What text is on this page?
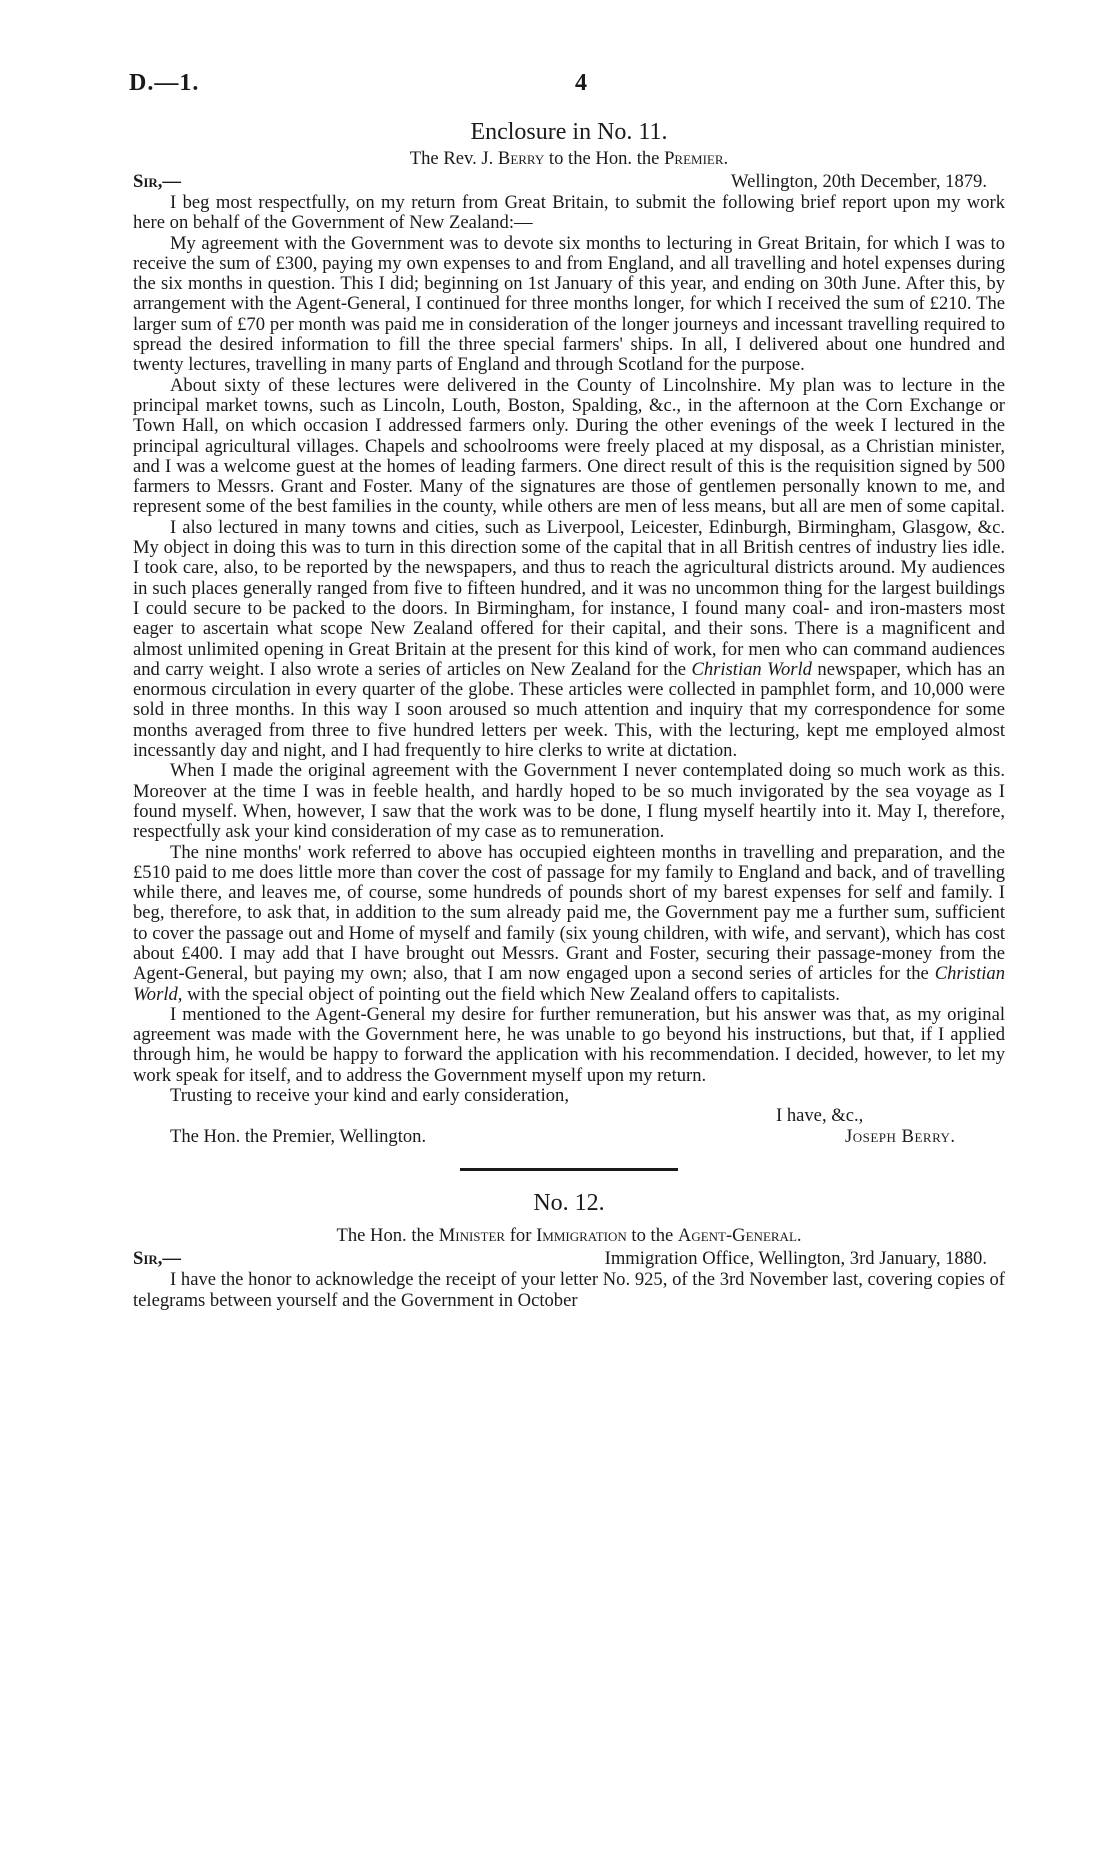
D.—1.	4
Enclosure in No. 11.
The Rev. J. Berry to the Hon. the Premier.
Sir,—	Wellington, 20th December, 1879.

I beg most respectfully, on my return from Great Britain, to submit the following brief report upon my work here on behalf of the Government of New Zealand:—

My agreement with the Government was to devote six months to lecturing in Great Britain, for which I was to receive the sum of £300, paying my own expenses to and from England, and all travelling and hotel expenses during the six months in question. This I did; beginning on 1st January of this year, and ending on 30th June. After this, by arrangement with the Agent-General, I continued for three months longer, for which I received the sum of £210. The larger sum of £70 per month was paid me in consideration of the longer journeys and incessant travelling required to spread the desired information to fill the three special farmers' ships. In all, I delivered about one hundred and twenty lectures, travelling in many parts of England and through Scotland for the purpose.

About sixty of these lectures were delivered in the County of Lincolnshire. My plan was to lecture in the principal market towns, such as Lincoln, Louth, Boston, Spalding, &c., in the afternoon at the Corn Exchange or Town Hall, on which occasion I addressed farmers only. During the other evenings of the week I lectured in the principal agricultural villages. Chapels and schoolrooms were freely placed at my disposal, as a Christian minister, and I was a welcome guest at the homes of leading farmers. One direct result of this is the requisition signed by 500 farmers to Messrs. Grant and Foster. Many of the signatures are those of gentlemen personally known to me, and represent some of the best families in the county, while others are men of less means, but all are men of some capital.

I also lectured in many towns and cities, such as Liverpool, Leicester, Edinburgh, Birmingham, Glasgow, &c. My object in doing this was to turn in this direction some of the capital that in all British centres of industry lies idle. I took care, also, to be reported by the newspapers, and thus to reach the agricultural districts around. My audiences in such places generally ranged from five to fifteen hundred, and it was no uncommon thing for the largest buildings I could secure to be packed to the doors. In Birmingham, for instance, I found many coal- and iron-masters most eager to ascertain what scope New Zealand offered for their capital, and their sons. There is a magnificent and almost unlimited opening in Great Britain at the present for this kind of work, for men who can command audiences and carry weight. I also wrote a series of articles on New Zealand for the Christian World newspaper, which has an enormous circulation in every quarter of the globe. These articles were collected in pamphlet form, and 10,000 were sold in three months. In this way I soon aroused so much attention and inquiry that my correspondence for some months averaged from three to five hundred letters per week. This, with the lecturing, kept me employed almost incessantly day and night, and I had frequently to hire clerks to write at dictation.

When I made the original agreement with the Government I never contemplated doing so much work as this. Moreover at the time I was in feeble health, and hardly hoped to be so much invigorated by the sea voyage as I found myself. When, however, I saw that the work was to be done, I flung myself heartily into it. May I, therefore, respectfully ask your kind consideration of my case as to remuneration.

The nine months' work referred to above has occupied eighteen months in travelling and preparation, and the £510 paid to me does little more than cover the cost of passage for my family to England and back, and of travelling while there, and leaves me, of course, some hundreds of pounds short of my barest expenses for self and family. I beg, therefore, to ask that, in addition to the sum already paid me, the Government pay me a further sum, sufficient to cover the passage out and Home of myself and family (six young children, with wife, and servant), which has cost about £400. I may add that I have brought out Messrs. Grant and Foster, securing their passage-money from the Agent-General, but paying my own; also, that I am now engaged upon a second series of articles for the Christian World, with the special object of pointing out the field which New Zealand offers to capitalists.

I mentioned to the Agent-General my desire for further remuneration, but his answer was that, as my original agreement was made with the Government here, he was unable to go beyond his instructions, but that, if I applied through him, he would be happy to forward the application with his recommendation. I decided, however, to let my work speak for itself, and to address the Government myself upon my return.

Trusting to receive your kind and early consideration,

I have, &c.,
The Hon. the Premier, Wellington.	Joseph Berry.
No. 12.
The Hon. the Minister for Immigration to the Agent-General.
Sir,—	Immigration Office, Wellington, 3rd January, 1880.

I have the honor to acknowledge the receipt of your letter No. 925, of the 3rd November last, covering copies of telegrams between yourself and the Government in October
